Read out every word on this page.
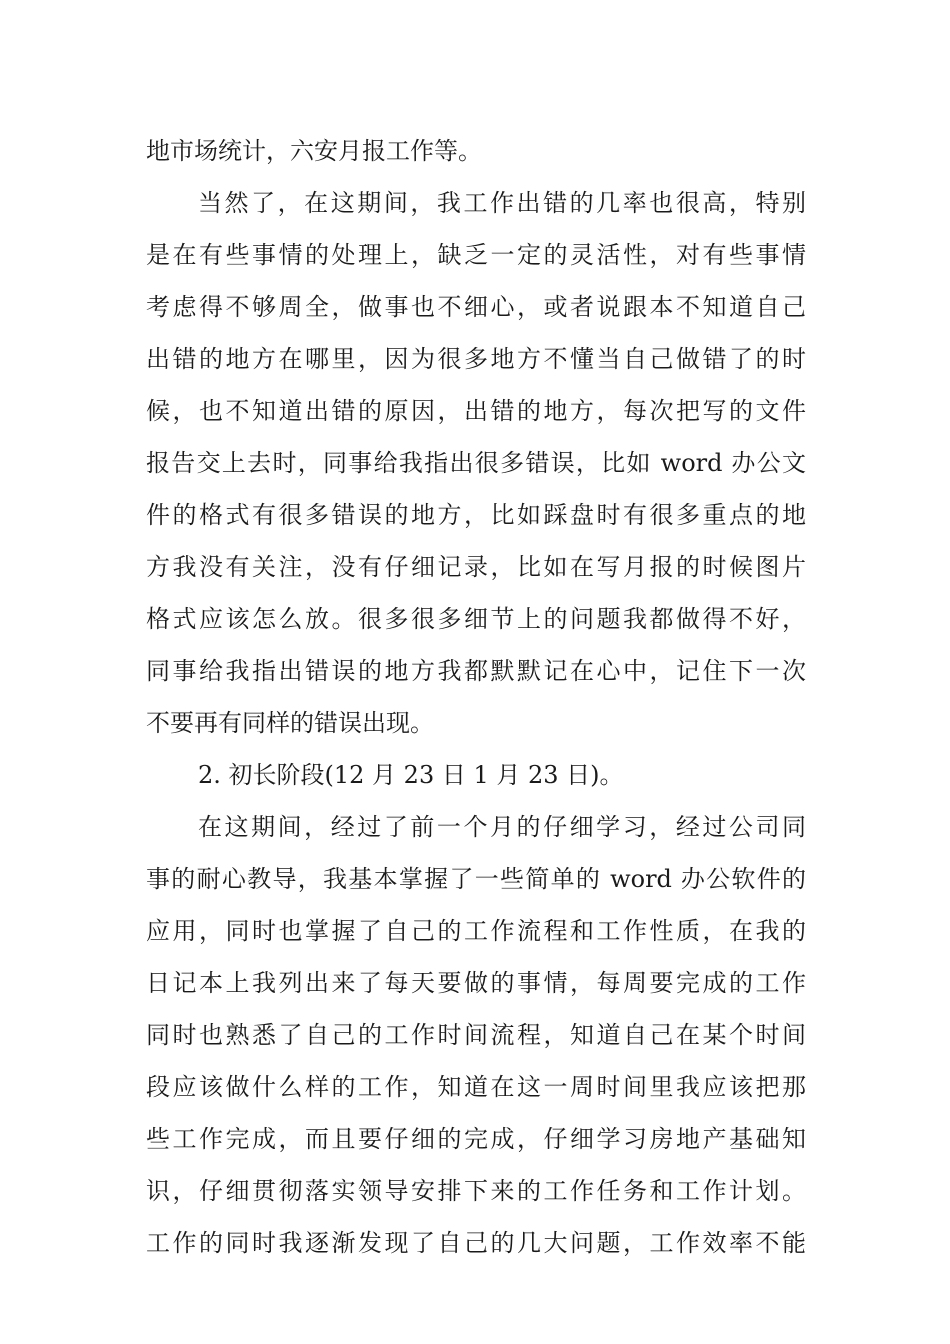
地市场统计，六安月报工作等。
当然了，在这期间，我工作出错的几率也很高，特别
是在有些事情的处理上，缺乏一定的灵活性，对有些事情
考虑得不够周全，做事也不细心，或者说跟本不知道自己
出错的地方在哪里，因为很多地方不懂当自己做错了的时
候，也不知道出错的原因，出错的地方，每次把写的文件
报告交上去时，同事给我指出很多错误，比如 word 办公文
件的格式有很多错误的地方，比如踩盘时有很多重点的地
方我没有关注，没有仔细记录，比如在写月报的时候图片
格式应该怎么放。很多很多细节上的问题我都做得不好，
同事给我指出错误的地方我都默默记在心中，记住下一次
不要再有同样的错误出现。
2. 初长阶段(12 月 23 日 1 月 23 日)。
在这期间，经过了前一个月的仔细学习，经过公司同
事的耐心教导，我基本掌握了一些简单的 word 办公软件的
应用，同时也掌握了自己的工作流程和工作性质，在我的
日记本上我列出来了每天要做的事情，每周要完成的工作
同时也熟悉了自己的工作时间流程，知道自己在某个时间
段应该做什么样的工作，知道在这一周时间里我应该把那
些工作完成，而且要仔细的完成，仔细学习房地产基础知
识，仔细贯彻落实领导安排下来的工作任务和工作计划。
工作的同时我逐渐发现了自己的几大问题，工作效率不能
